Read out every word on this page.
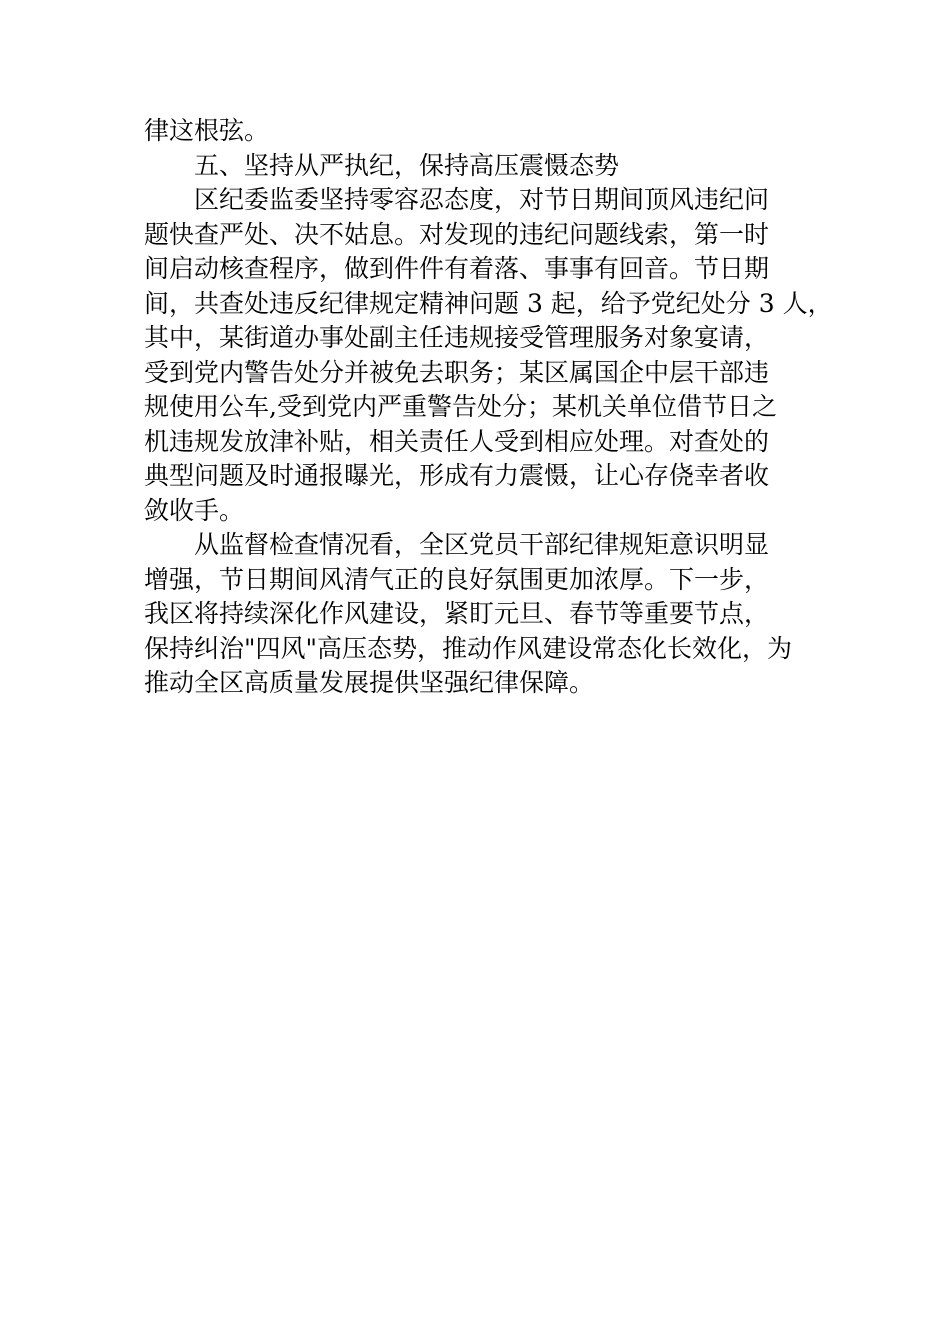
律这根弦。
五、坚持从严执纪，保持高压震慑态势
区纪委监委坚持零容忍态度，对节日期间顶风违纪问
题快查严处、决不姑息。对发现的违纪问题线索，第一时
间启动核查程序，做到件件有着落、事事有回音。节日期
间，共查处违反纪律规定精神问题 3 起，给予党纪处分 3 人，
其中，某街道办事处副主任违规接受管理服务对象宴请，
受到党内警告处分并被免去职务；某区属国企中层干部违
规使用公车,受到党内严重警告处分；某机关单位借节日之
机违规发放津补贴，相关责任人受到相应处理。对查处的
典型问题及时通报曝光，形成有力震慑，让心存侥幸者收
敛收手。
从监督检查情况看，全区党员干部纪律规矩意识明显
增强，节日期间风清气正的良好氛围更加浓厚。下一步，
我区将持续深化作风建设，紧盯元旦、春节等重要节点，
保持纠治"四风"高压态势，推动作风建设常态化长效化，为
推动全区高质量发展提供坚强纪律保障。
